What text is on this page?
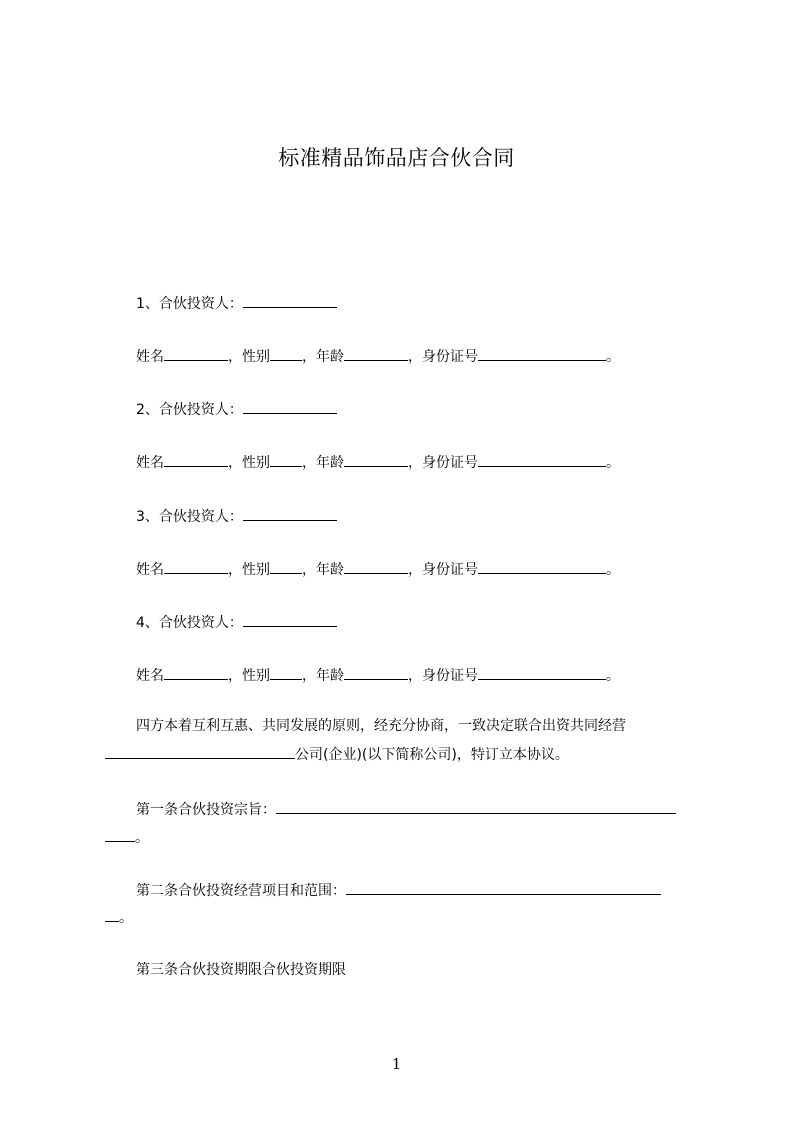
标准精品饰品店合伙合同
1、合伙投资人：
姓名	，性别 ，年龄	，身份证号	。
2、合伙投资人：
姓名	，性别 ，年龄	，身份证号	。
3、合伙投资人：
姓名	，性别 ，年龄	，身份证号	。
4、合伙投资人：
姓名	，性别 ，年龄	，身份证号	。
四方本着互利互惠、共同发展的原则，经充分协商，一致决定联合出资共同经营
公司(企业)(以下简称公司)，特订立本协议。
第一条合伙投资宗旨：
。
第二条合伙投资经营项目和范围：
。
第三条合伙投资期限合伙投资期限
1
